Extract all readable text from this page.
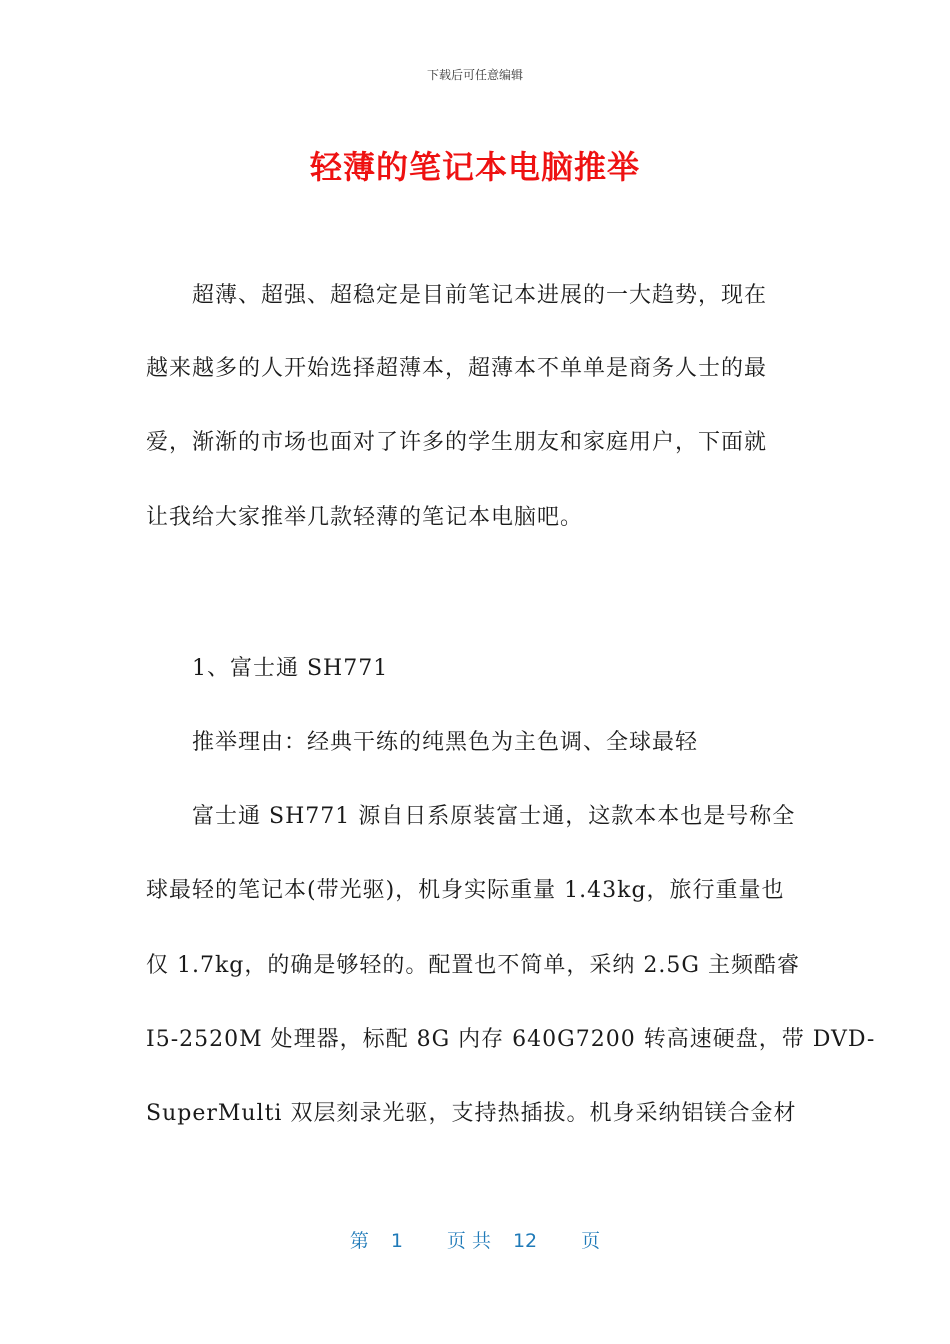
下载后可任意编辑
轻薄的笔记本电脑推举
超薄、超强、超稳定是目前笔记本进展的一大趋势，现在
越来越多的人开始选择超薄本，超薄本不单单是商务人士的最
爱，渐渐的市场也面对了许多的学生朋友和家庭用户，下面就
让我给大家推举几款轻薄的笔记本电脑吧。
1、富士通 SH771
推举理由：经典干练的纯黑色为主色调、全球最轻
富士通 SH771 源自日系原装富士通，这款本本也是号称全
球最轻的笔记本(带光驱)，机身实际重量 1.43kg，旅行重量也
仅 1.7kg，的确是够轻的。配置也不简单，采纳 2.5G 主频酷睿
I5-2520M 处理器，标配 8G 内存 640G7200 转高速硬盘，带 DVD-
SuperMulti 双层刻录光驱，支持热插拔。机身采纳铝镁合金材
第 1 页 共 12 页
